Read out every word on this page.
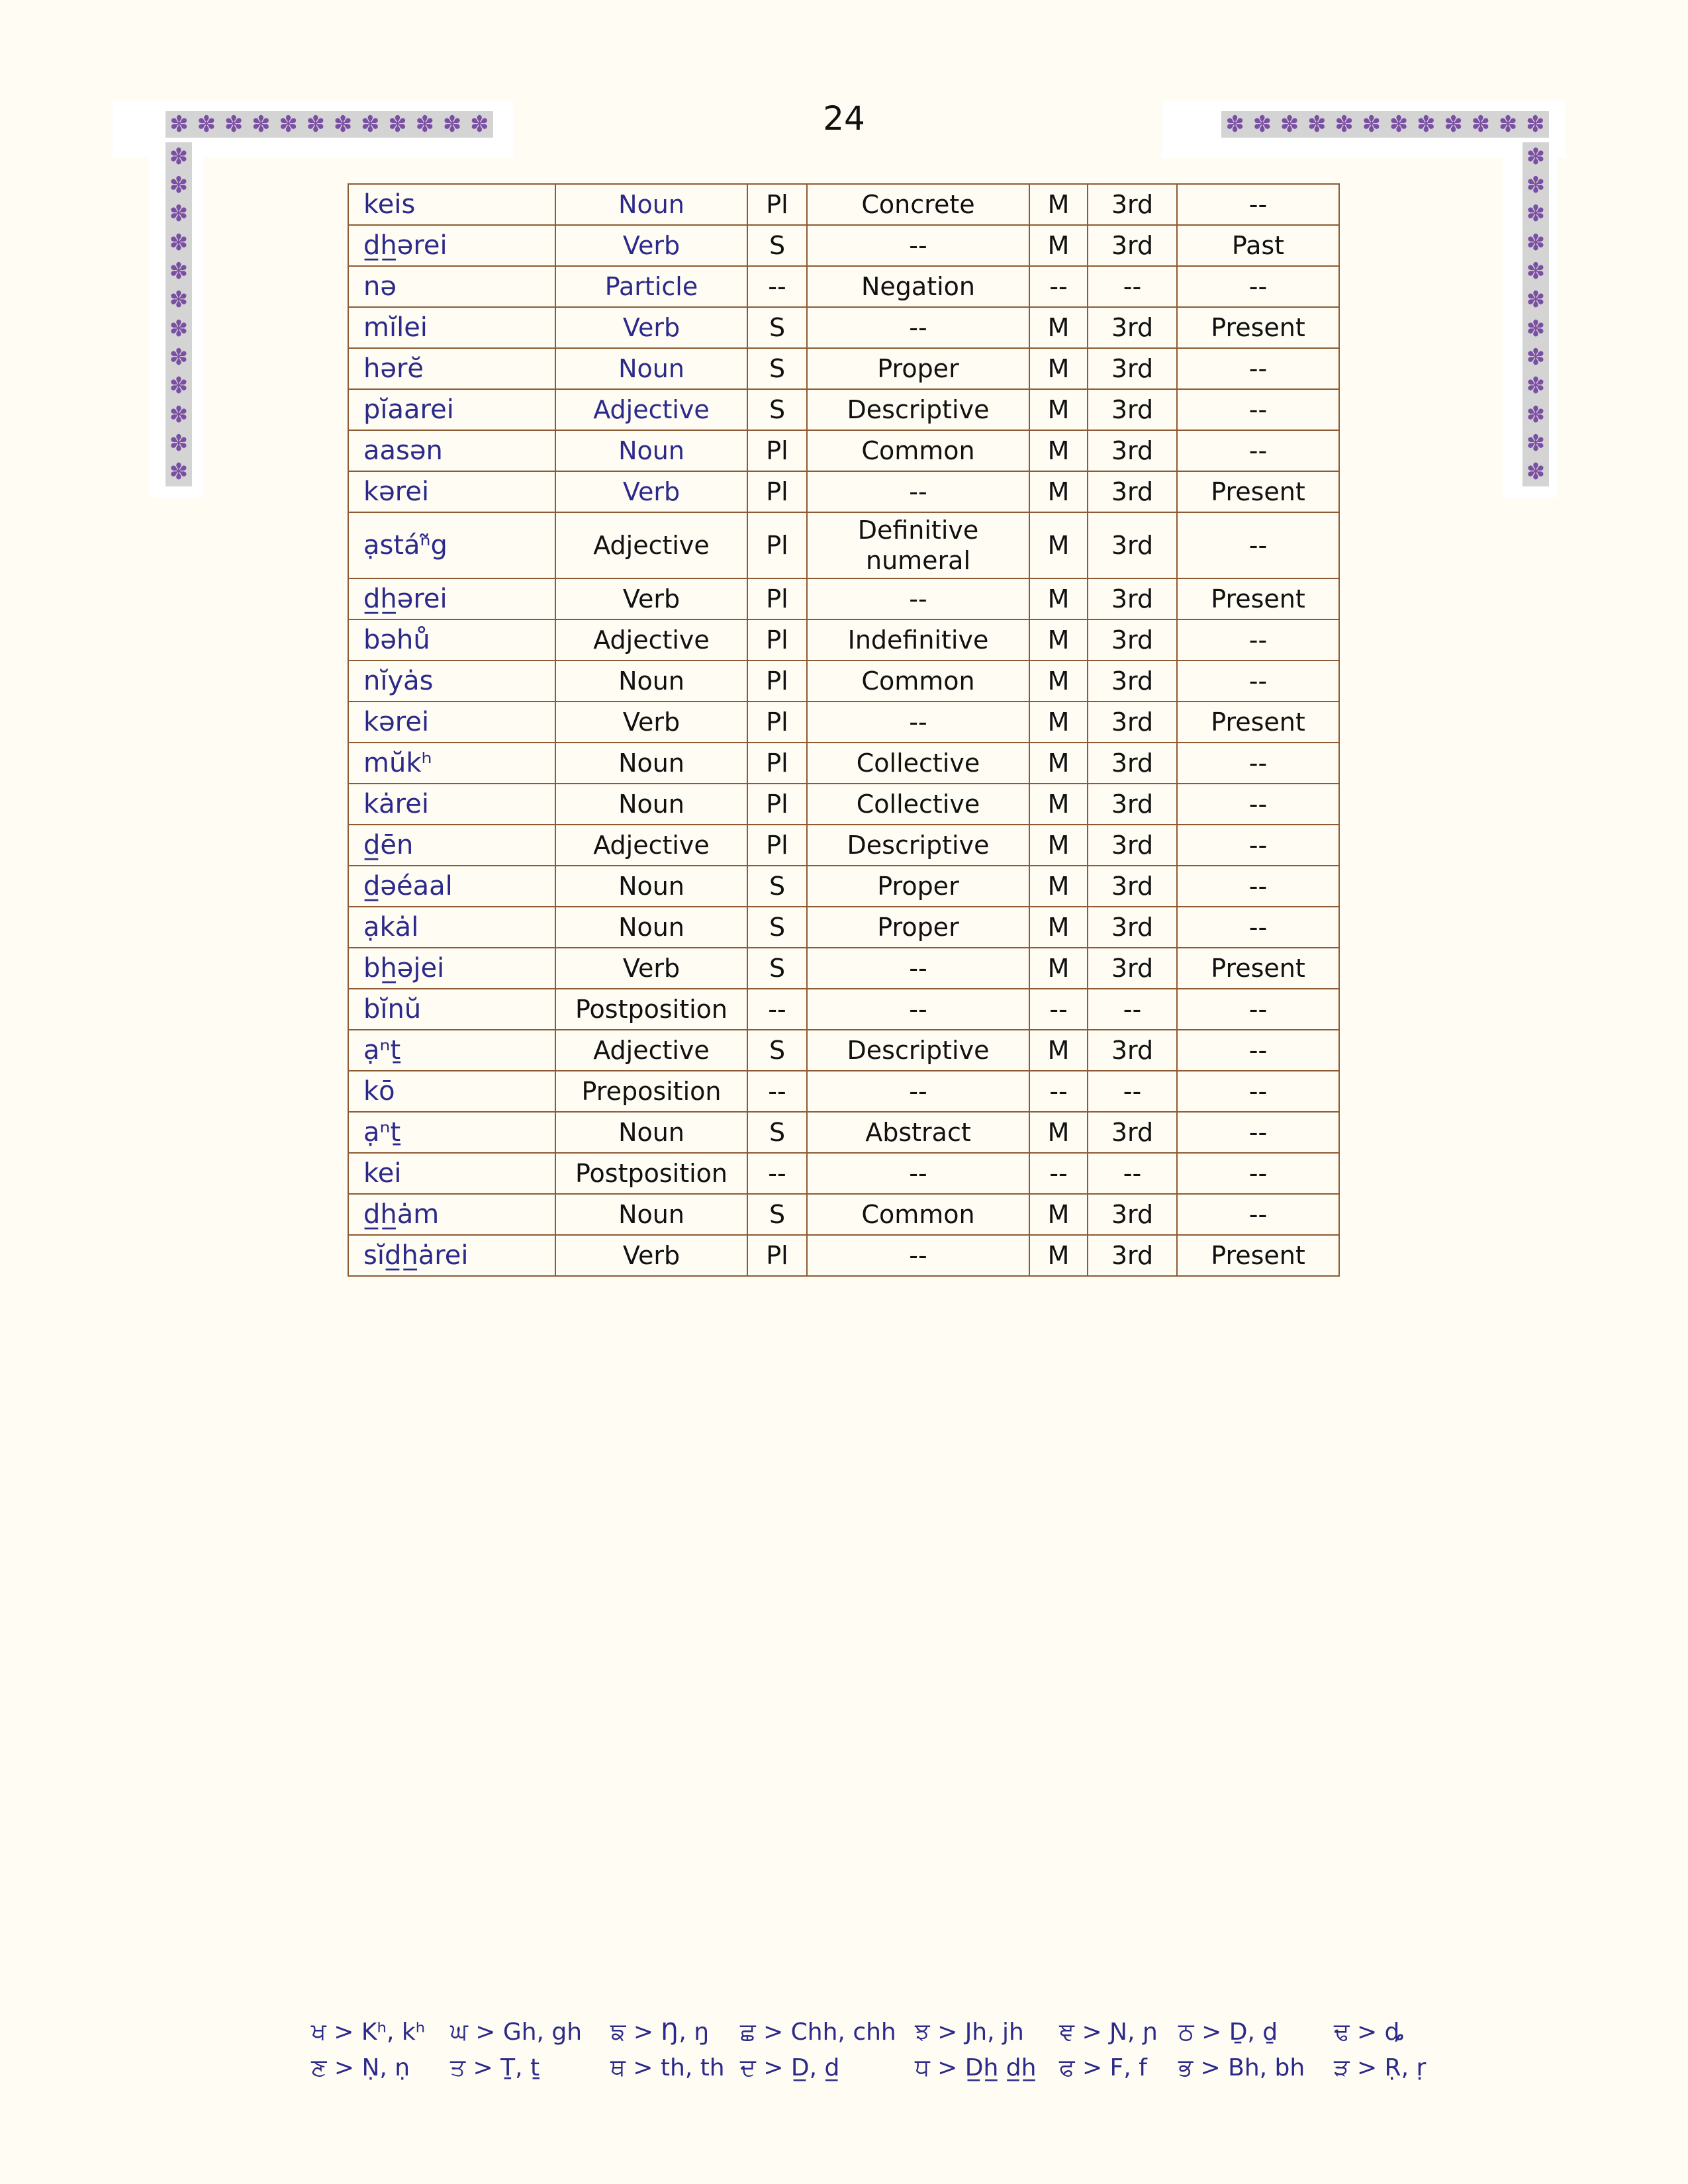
✽ ✽ ✽ ✽ ✽ ✽ ✽ ✽ ✽ ✽ ✽ ✽
✽
✽
✽
✽
✽
✽
✽
✽
✽
✽
✽
✽
✽ ✽ ✽ ✽ ✽ ✽ ✽ ✽ ✽ ✽ ✽ ✽
✽
✽
✽
✽
✽
✽
✽
✽
✽
✽
✽
✽
24
keis	Noun	Pl	Concrete	M	3rd	--
d̲h̲ərei	Verb	S	--	M	3rd	Past
nə	Particle	--	Negation	--	--	--
mĭlei	Verb	S	--	M	3rd	Present
hərĕ	Noun	S	Proper	M	3rd	--
pĭaarei	Adjective	S	Descriptive	M	3rd	--
aasən	Noun	Pl	Common	M	3rd	--
kərei	Verb	Pl	--	M	3rd	Present
ạstáⁿ̃g	Adjective	Pl	Definitive numeral	M	3rd	--
d̲h̲ərei	Verb	Pl	--	M	3rd	Present
bəhů	Adjective	Pl	Indefinitive	M	3rd	--
nĭyȧs	Noun	Pl	Common	M	3rd	--
kərei	Verb	Pl	--	M	3rd	Present
mŭkʰ	Noun	Pl	Collective	M	3rd	--
kȧrei	Noun	Pl	Collective	M	3rd	--
d̲ēn	Adjective	Pl	Descriptive	M	3rd	--
d̲əéaal	Noun	S	Proper	M	3rd	--
ạkȧl	Noun	S	Proper	M	3rd	--
bh̲əjei	Verb	S	--	M	3rd	Present
bĭnŭ	Postposition	--	--	--	--	--
ạⁿṯ	Adjective	S	Descriptive	M	3rd	--
kō	Preposition	--	--	--	--	--
ạⁿṯ	Noun	S	Abstract	M	3rd	--
kei	Postposition	--	--	--	--	--
d̲h̲ȧm	Noun	S	Common	M	3rd	--
sĭd̲h̲ȧrei	Verb	Pl	--	M	3rd	Present
ਖ > Kʰ, kʰ ਘ > Gh, gh ਙ > Ŋ, ŋ ਛ > Chh, chh ਝ > Jh, jh ਞ > Ɲ, ɲ ਠ > Ḏ, ḏ ਢ > ȡ
ਣ > Ṇ, ṇ ਤ > Ṯ, ṯ	ਥ > th, th ਦ > D̲, d̲	ਧ > D̲h̲ d̲h̲ ਫ > F, f ਭ > Bh, bh ੜ > Ṛ, ṛ
